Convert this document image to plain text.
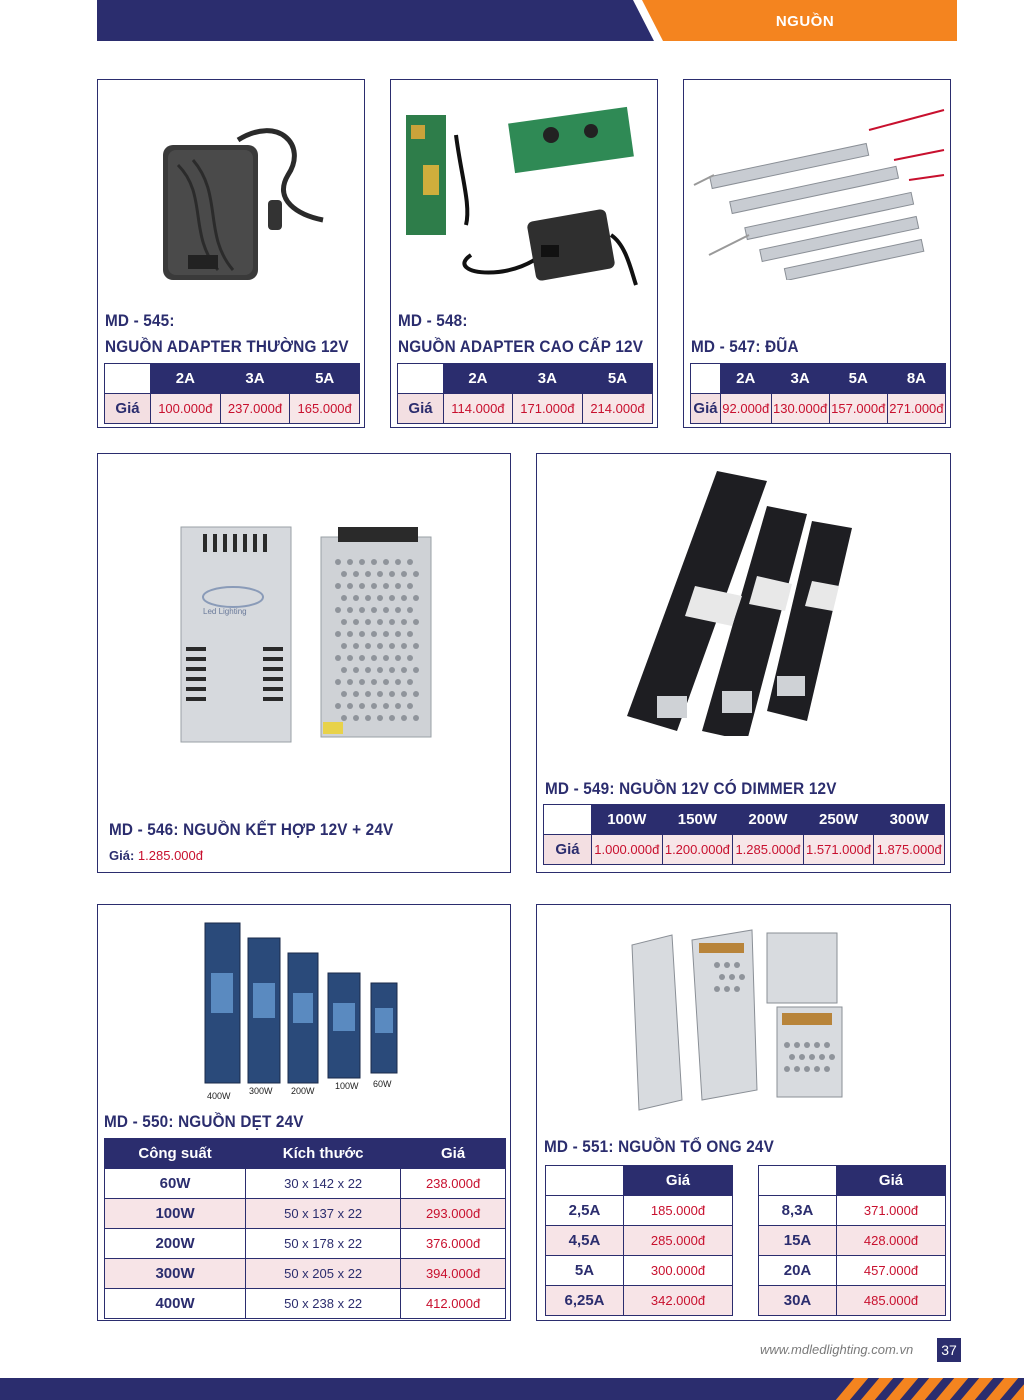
NGUỒN
MD - 545:
NGUỒN ADAPTER THƯỜNG 12V
	2A	3A	5A
Giá	100.000đ	237.000đ	165.000đ
MD - 548:
NGUỒN ADAPTER CAO CẤP 12V
	2A	3A	5A
Giá	114.000đ	171.000đ	214.000đ
MD - 547: ĐŨA
	2A	3A	5A	8A
Giá	92.000đ	130.000đ	157.000đ	271.000đ
Led Lighting
MD - 546: NGUỒN KẾT HỢP 12V + 24V
Giá: 1.285.000đ
MD - 549: NGUỒN 12V CÓ DIMMER 12V
	100W	150W	200W	250W	300W
Giá	1.000.000đ	1.200.000đ	1.285.000đ	1.571.000đ	1.875.000đ
400W 300W 200W 100W 60W
MD - 550: NGUỒN DẸT 24V
Công suất	Kích thước	Giá
60W	30 x 142 x 22	238.000đ
100W	50 x 137 x 22	293.000đ
200W	50 x 178 x 22	376.000đ
300W	50 x 205 x 22	394.000đ
400W	50 x 238 x 22	412.000đ
MD - 551: NGUỒN TỔ ONG 24V
	Giá
2,5A	185.000đ
4,5A	285.000đ
5A	300.000đ
6,25A	342.000đ
	Giá
8,3A	371.000đ
15A	428.000đ
20A	457.000đ
30A	485.000đ
www.mdledlighting.com.vn	37
